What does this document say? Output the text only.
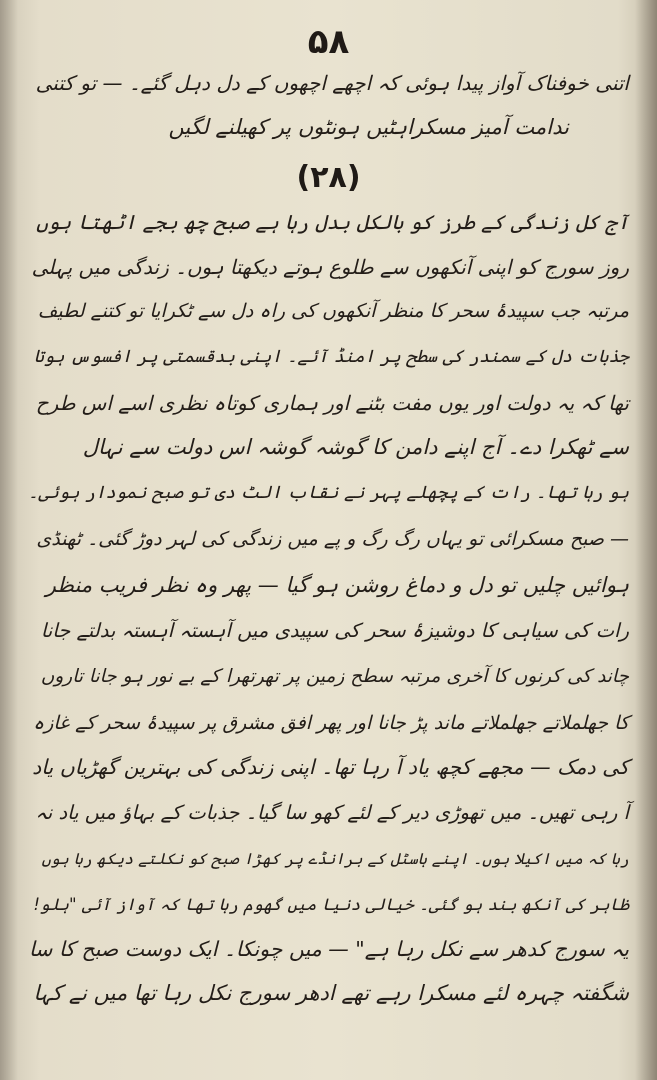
۵۸
اتنی خوفناک آواز پیدا ہوئی کہ اچھے اچھوں کے دل دہل گئے۔ — تو کتنی
ندامت آمیز مسکراہٹیں ہونٹوں پر کھیلنے لگیں
(۲۸)
آج کل زندگی کے طرز کو بالکل بدل رہا ہے صبح چھ بجے اٹھتا ہوں
روز سورج کو اپنی آنکھوں سے طلوع ہوتے دیکھتا ہوں۔ زندگی میں پہلی
مرتبہ جب سپیدۂ سحر کا منظر آنکھوں کی راہ دل سے ٹکرایا تو کتنے لطیف
جذبات دل کے سمندر کی سطح پر امنڈ آئے۔ اپنی بدقسمتی پر افسوس ہوتا
تھا کہ یہ دولت اور یوں مفت بٹنے اور ہماری کوتاہ نظری اسے اس طرح
سے ٹھکرا دے۔ آج اپنے دامن کا گوشہ گوشہ اس دولت سے نہال
ہو رہا تھا۔ رات کے پچھلے پہر نے نقاب الٹ دی تو صبح نمودار ہوئی۔
— صبح مسکرائی تو یہاں رگ رگ و پے میں زندگی کی لہر دوڑ گئی۔ ٹھنڈی
ہوائیں چلیں تو دل و دماغ روشن ہو گیا — پھر وہ نظر فریب منظر
رات کی سیاہی کا دوشیزۂ سحر کی سپیدی میں آہستہ آہستہ بدلتے جانا
چاند کی کرنوں کا آخری مرتبہ سطح زمین پر تھرتھرا کے بے نور ہو جانا تاروں
کا جھلملاتے جھلملاتے ماند پڑ جانا اور پھر افق مشرق پر سپیدۂ سحر کے غازہ
کی دمک — مجھے کچھ یاد آ رہا تھا۔ اپنی زندگی کی بہترین گھڑیاں یاد
آ رہی تھیں۔ میں تھوڑی دیر کے لئے کھو سا گیا۔ جذبات کے بہاؤ میں یاد نہ
رہا کہ میں اکیلا ہوں۔ اپنے ہاسٹل کے برانڈے پر کھڑا صبح کو نکلتے دیکھ رہا ہوں
ظاہر کی آنکھ بند ہو گئی۔ خیالی دنیا میں گھوم رہا تھا کہ آواز آئی "ہلو!
یہ سورج کدھر سے نکل رہا ہے" — میں چونکا۔ ایک دوست صبح کا سا
شگفتہ چہرہ لئے مسکرا رہے تھے ادھر سورج نکل رہا تھا میں نے کہا
